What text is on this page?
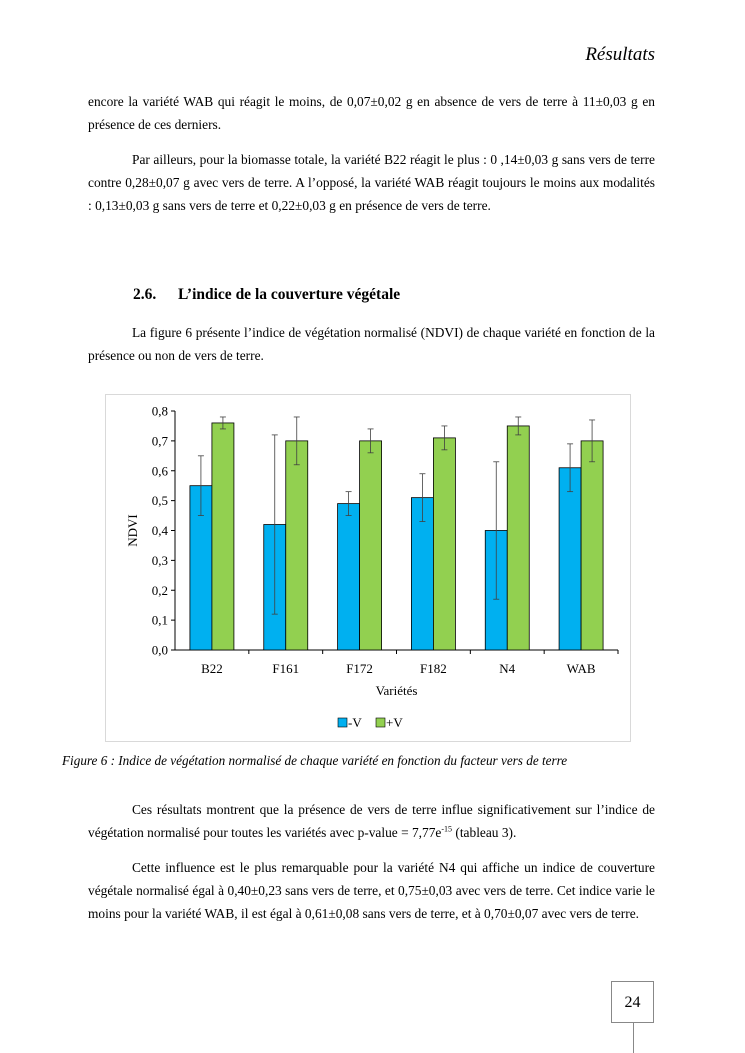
Résultats

encore la variété WAB qui réagit le moins, de 0,07±0,02 g en absence de vers de terre à 11±0,03 g en présence de ces derniers.

Par ailleurs, pour la biomasse totale, la variété B22 réagit le plus : 0 ,14±0,03 g sans vers de terre contre 0,28±0,07 g avec vers de terre. A l’opposé, la variété WAB réagit toujours le moins aux modalités : 0,13±0,03 g sans vers de terre et 0,22±0,03 g en présence de vers de terre.

2.6. L’indice de la couverture végétale

La figure 6 présente l’indice de végétation normalisé (NDVI) de chaque variété en fonction de la présence ou non de vers de terre.

0,0
0,1
0,2
0,3
0,4
0,5
0,6
0,7
0,8
B22	F161	F172	F182	N4	WAB
Variétés
NDVI
-V +V
Figure 6 : Indice de végétation normalisé de chaque variété en fonction du facteur vers de terre

Ces résultats montrent que la présence de vers de terre influe significativement sur l’indice de végétation normalisé pour toutes les variétés avec p-value = $7,77e^{-15}$ (tableau 3).

Cette influence est le plus remarquable pour la variété N4 qui affiche un indice de couverture végétale normalisé égal à 0,40±0,23 sans vers de terre, et 0,75±0,03 avec vers de terre. Cet indice varie le moins pour la variété WAB, il est égal à 0,61±0,08 sans vers de terre, et à 0,70±0,07 avec vers de terre.

24
